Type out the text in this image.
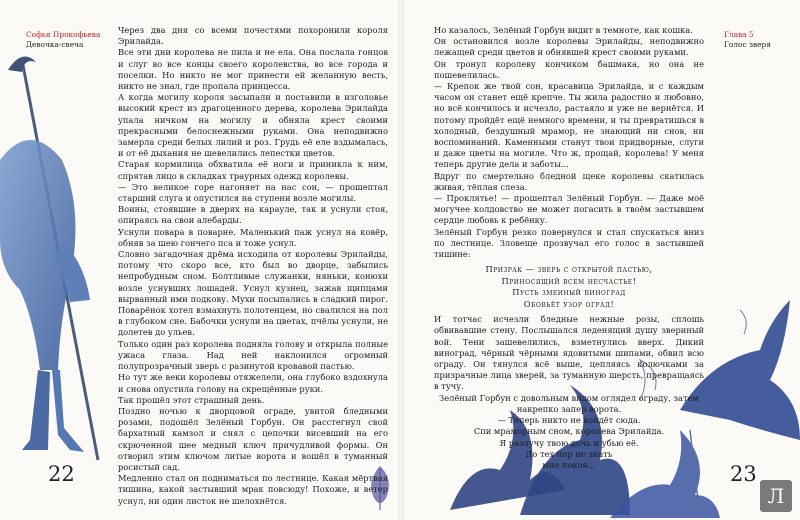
Софья Прокофьева
Девочка-свеча

Через два дня со всеми почестями похоронили короля Эрилайда.

Все эти дни королева не пила и не ела. Она послала гонцов и слуг во все концы своего королевства, во все города и поселки. Но никто не мог принести ей желанную весть, никто не знал, где пропала принцесса.

А когда могилу короля засыпали и поставили в изголовье высокий крест из драгоценного дерева, королева Эрилайда упала ничком на могилу и обняла крест своими прекрасными белоснежными руками. Она неподвижно замерла среди белых лилий и роз. Грудь её еле вздымалась, и от её дыхания не шевелились лепестки цветов.

Старая кормилица обхватила её ноги и приникла к ним, спрятав лицо в складках траурных одежд королевы.

— Это великое горе нагоняет на нас сон, — прошептал старший слуга и опустился на ступени возле могилы.

Воины, стоявшие в дверях на карауле, так и уснули стоя, опираясь на свои алебарды.

Уснули повара в поварне. Маленький паж уснул на ковёр, обняв за шею гончего пса и тоже уснул.

Словно загадочная дрёма исходила от королевы Эрилайды, потому что скоро все, кто был во дворце, забылись непробудным сном. Болтливые служанки, няньки, конюхи возле уснувших лошадей. Уснул кузнец, зажав щипцами вырванный ими подкову. Мухи посыпались в сладкий пирог. Поварёнок хотел взмахнуть полотенцем, но свалился на пол в глубоком сне. Бабочки уснули на цветах, пчёлы уснули, не долетев до ульев.

Только один раз королева подняла голову и открыла полные ужаса глаза. Над ней наклонился огромный полупрозрачный зверь с разинутой кровавой пастью.

Но тут же веки королевы отяжелели, она глубоко вздохнула и снова опустила голову на скрещённые руки.

Так прошёл этот страшный день.

Поздно ночью к дворцовой ограде, увитой бледными розами, подошёл Зелёный Горбун. Он расстегнул свой бархатный камзол и снял с цепочки висевший на его скрюченной шее медный ключ причудливой формы. Он отворил этим ключом литые ворота и вошёл в туманный росистый сад.

Медленно стал он подниматься по лестнице. Какая мёртвая тишина, какой застывший мрак повсюду! Похоже, и ветер уснул, ни один листок не шелохнётся.

22
Глава 5
Голос зверя

Но казалось, Зелёный Горбун видит в темноте, как кошка.

Он остановился возле королевы Эрилайды, неподвижно лежащей среди цветов и обнявшей крест своими руками.

Он тронул королеву кончиком башмака, но она не пошевелилась.

— Крепок же твой сон, красавица Эрилайда, и с каждым часом он станет ещё крепче. Ты жила радостно и любовно, но всё кончилось и исчезло, растаяло и уже не вернётся. И потому пройдёт ещё немного времени, и ты превратишься в холодный, бездушный мрамор, не знающий ни снов, ни воспоминаний. Каменными станут твои придворные, слуги и даже цветы на могиле. Что ж, прощай, королева! У меня теперь другие дела и заботы...

Вдруг по смертельно бледной щеке королевы скатилась живая, тёплая слеза.

— Проклятье! — прошептал Зелёный Горбун. — Даже моё могучее колдовство не может погасить в твоём застывшем сердце любовь к ребёнку.

Зелёный Горбун резко повернулся и стал спускаться вниз по лестнице. Зловеще прозвучал его голос в застывшей тишине:

Призрак — зверь с открытой пастью,
Приносящий всем несчастье!
Пусть змеиный виноград
Обовьёт узор оград!

И тотчас исчезли бледные нежные розы, сплошь обвивавшие стену. Послышался леденящий душу звериный вой. Тени зашевелились, взметнулись вверх. Дикий виноград, чёрный чёрными ядовитыми шипами, обвил всю ограду. Он тянулся всё выше, цепляясь колючками за призрачные лица зверей, за туманную шерсть, превращаясь в тучу.

Зелёный Горбун с довольным видом оглядел ограду, затем накрепко запер ворота.
— Теперь никто не войдёт сюда.
Спи мраморным сном, королева Эрилайда.
Я разлучу твою дочь и убью её.
До тех пор не знать
мне покоя...	23
Л
